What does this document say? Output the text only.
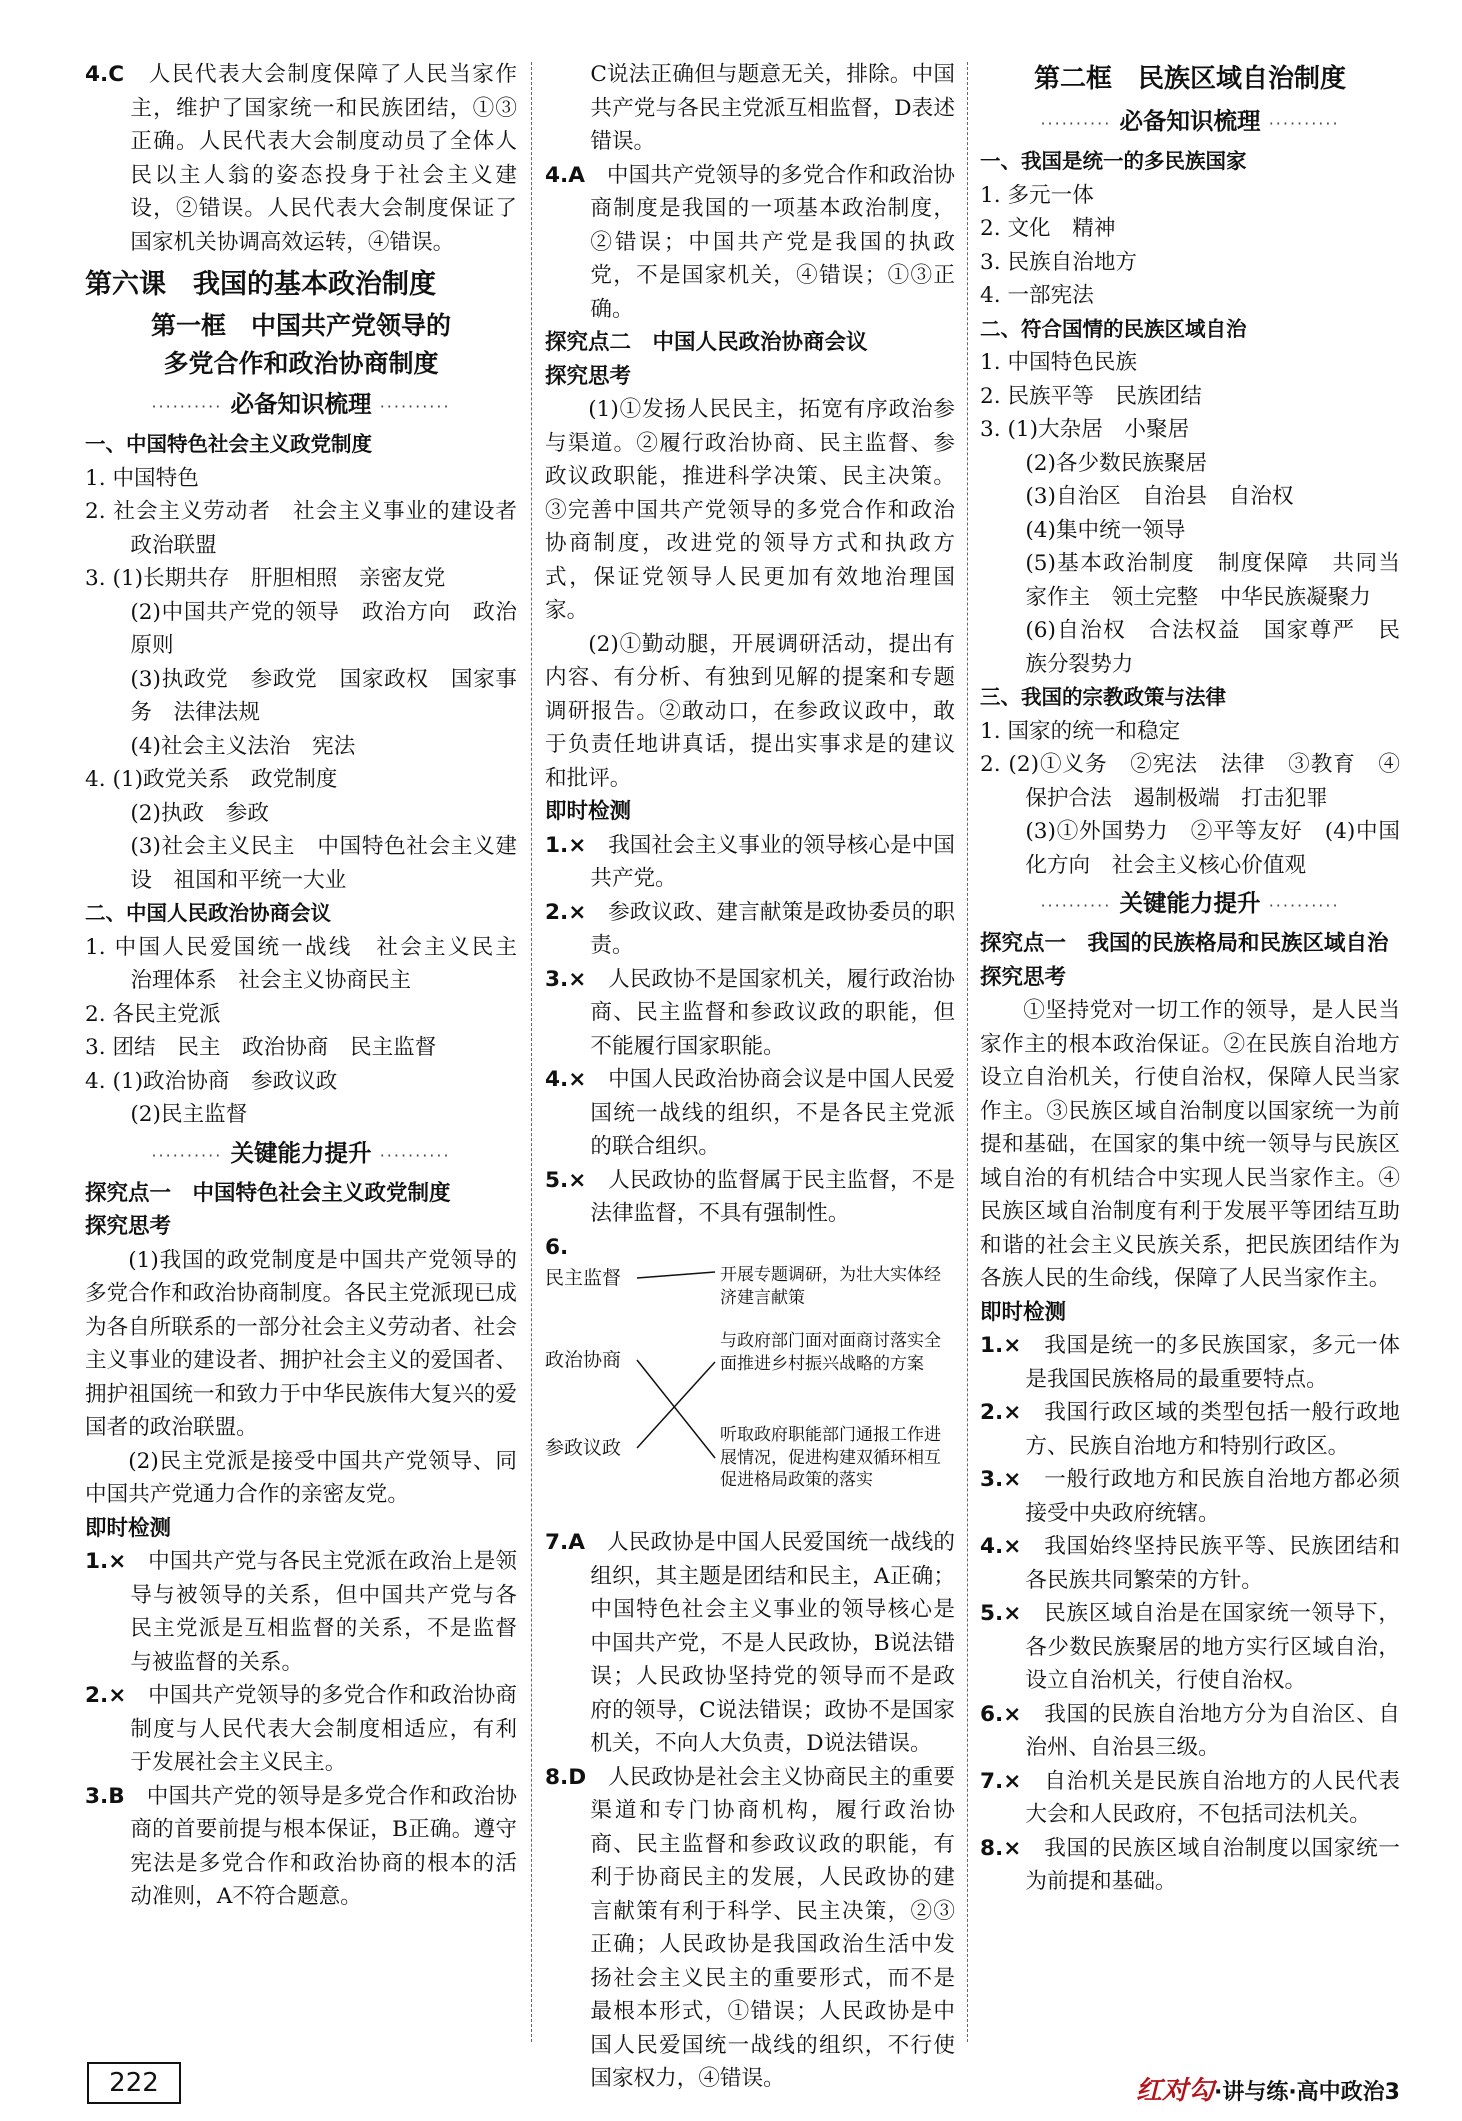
4.C　 人民代表大会制度保障了人民当家作主，维护了国家统一和民族团结，①③正确。人民代表大会制度动员了全体人民以主人翁的姿态投身于社会主义建设，②错误。人民代表大会制度保证了国家机关协调高效运转，④错误。

第六课　我国的基本政治制度

第一框　中国共产党领导的

多党合作和政治协商制度

·········· 必备知识梳理 ··········

一、中国特色社会主义政党制度

1. 中国特色

2. 社会主义劳动者　社会主义事业的建设者　政治联盟

3. (1)长期共存　肝胆相照　亲密友党

(2)中国共产党的领导　政治方向　政治原则

(3)执政党　参政党　国家政权　国家事务　法律法规

(4)社会主义法治　宪法

4. (1)政党关系　政党制度

(2)执政　参政

(3)社会主义民主　中国特色社会主义建设　祖国和平统一大业

二、中国人民政治协商会议

1. 中国人民爱国统一战线　社会主义民主　治理体系　社会主义协商民主

2. 各民主党派

3. 团结　民主　政治协商　民主监督

4. (1)政治协商　参政议政

(2)民主监督

·········· 关键能力提升 ··········

探究点一　 中国特色社会主义政党制度

探究思考

(1)我国的政党制度是中国共产党领导的多党合作和政治协商制度。各民主党派现已成为各自所联系的一部分社会主义劳动者、社会主义事业的建设者、拥护社会主义的爱国者、拥护祖国统一和致力于中华民族伟大复兴的爱国者的政治联盟。

(2)民主党派是接受中国共产党领导、同中国共产党通力合作的亲密友党。

即时检测

1.×　 中国共产党与各民主党派在政治上是领导与被领导的关系，但中国共产党与各民主党派是互相监督的关系，不是监督与被监督的关系。

2.×　 中国共产党领导的多党合作和政治协商制度与人民代表大会制度相适应，有利于发展社会主义民主。

3.B　 中国共产党的领导是多党合作和政治协商的首要前提与根本保证，B正确。遵守宪法是多党合作和政治协商的根本的活动准则，A不符合题意。

C说法正确但与题意无关，排除。中国共产党与各民主党派互相监督，D表述错误。

4.A　 中国共产党领导的多党合作和政治协商制度是我国的一项基本政治制度，②错误；中国共产党是我国的执政党，不是国家机关，④错误；①③正确。

探究点二　 中国人民政治协商会议

探究思考

(1)①发扬人民民主，拓宽有序政治参与渠道。②履行政治协商、民主监督、参政议政职能，推进科学决策、民主决策。③完善中国共产党领导的多党合作和政治协商制度，改进党的领导方式和执政方式，保证党领导人民更加有效地治理国家。

(2)①勤动腿，开展调研活动，提出有内容、有分析、有独到见解的提案和专题调研报告。②敢动口，在参政议政中，敢于负责任地讲真话，提出实事求是的建议和批评。

即时检测

1.×　 我国社会主义事业的领导核心是中国共产党。

2.×　 参政议政、建言献策是政协委员的职责。

3.×　 人民政协不是国家机关，履行政治协商、民主监督和参政议政的职能，但不能履行国家职能。

4.×　 中国人民政治协商会议是中国人民爱国统一战线的组织，不是各民主党派的联合组织。

5.×　 人民政协的监督属于民主监督，不是法律监督，不具有强制性。

6.

民主监督
政治协商
参政议政
开展专题调研，为壮大实体经济建言献策
与政府部门面对面商讨落实全面推进乡村振兴战略的方案
听取政府职能部门通报工作进展情况，促进构建双循环相互促进格局政策的落实

7.A　 人民政协是中国人民爱国统一战线的组织，其主题是团结和民主，A正确；中国特色社会主义事业的领导核心是中国共产党，不是人民政协，B说法错误；人民政协坚持党的领导而不是政府的领导，C说法错误；政协不是国家机关，不向人大负责，D说法错误。

8.D　 人民政协是社会主义协商民主的重要渠道和专门协商机构，履行政治协商、民主监督和参政议政的职能，有利于协商民主的发展，人民政协的建言献策有利于科学、民主决策，②③正确；人民政协是我国政治生活中发扬社会主义民主的重要形式，而不是最根本形式，①错误；人民政协是中国人民爱国统一战线的组织，不行使国家权力，④错误。

第二框　民族区域自治制度

·········· 必备知识梳理 ··········

一、我国是统一的多民族国家

1. 多元一体

2. 文化　精神

3. 民族自治地方

4. 一部宪法

二、符合国情的民族区域自治

1. 中国特色民族

2. 民族平等　民族团结

3. (1)大杂居　小聚居

(2)各少数民族聚居

(3)自治区　自治县　自治权

(4)集中统一领导

(5)基本政治制度　制度保障　共同当家作主　领土完整　中华民族凝聚力

(6)自治权　合法权益　国家尊严　民族分裂势力

三、我国的宗教政策与法律

1. 国家的统一和稳定

2. (2)①义务　②宪法　法律　③教育　④保护合法　遏制极端　打击犯罪

(3)①外国势力　②平等友好　(4)中国化方向　社会主义核心价值观

·········· 关键能力提升 ··········

探究点一　 我国的民族格局和民族区域自治

探究思考

①坚持党对一切工作的领导，是人民当家作主的根本政治保证。②在民族自治地方设立自治机关，行使自治权，保障人民当家作主。③民族区域自治制度以国家统一为前提和基础，在国家的集中统一领导与民族区域自治的有机结合中实现人民当家作主。④民族区域自治制度有利于发展平等团结互助和谐的社会主义民族关系，把民族团结作为各族人民的生命线，保障了人民当家作主。

即时检测

1.×　 我国是统一的多民族国家，多元一体是我国民族格局的最重要特点。

2.×　 我国行政区域的类型包括一般行政地方、民族自治地方和特别行政区。

3.×　 一般行政地方和民族自治地方都必须接受中央政府统辖。

4.×　 我国始终坚持民族平等、民族团结和各民族共同繁荣的方针。

5.×　 民族区域自治是在国家统一领导下，各少数民族聚居的地方实行区域自治，设立自治机关，行使自治权。

6.×　 我国的民族自治地方分为自治区、自治州、自治县三级。

7.×　 自治机关是民族自治地方的人民代表大会和人民政府，不包括司法机关。

8.×　 我国的民族区域自治制度以国家统一为前提和基础。

222	红对勾·讲与练·高中政治3
